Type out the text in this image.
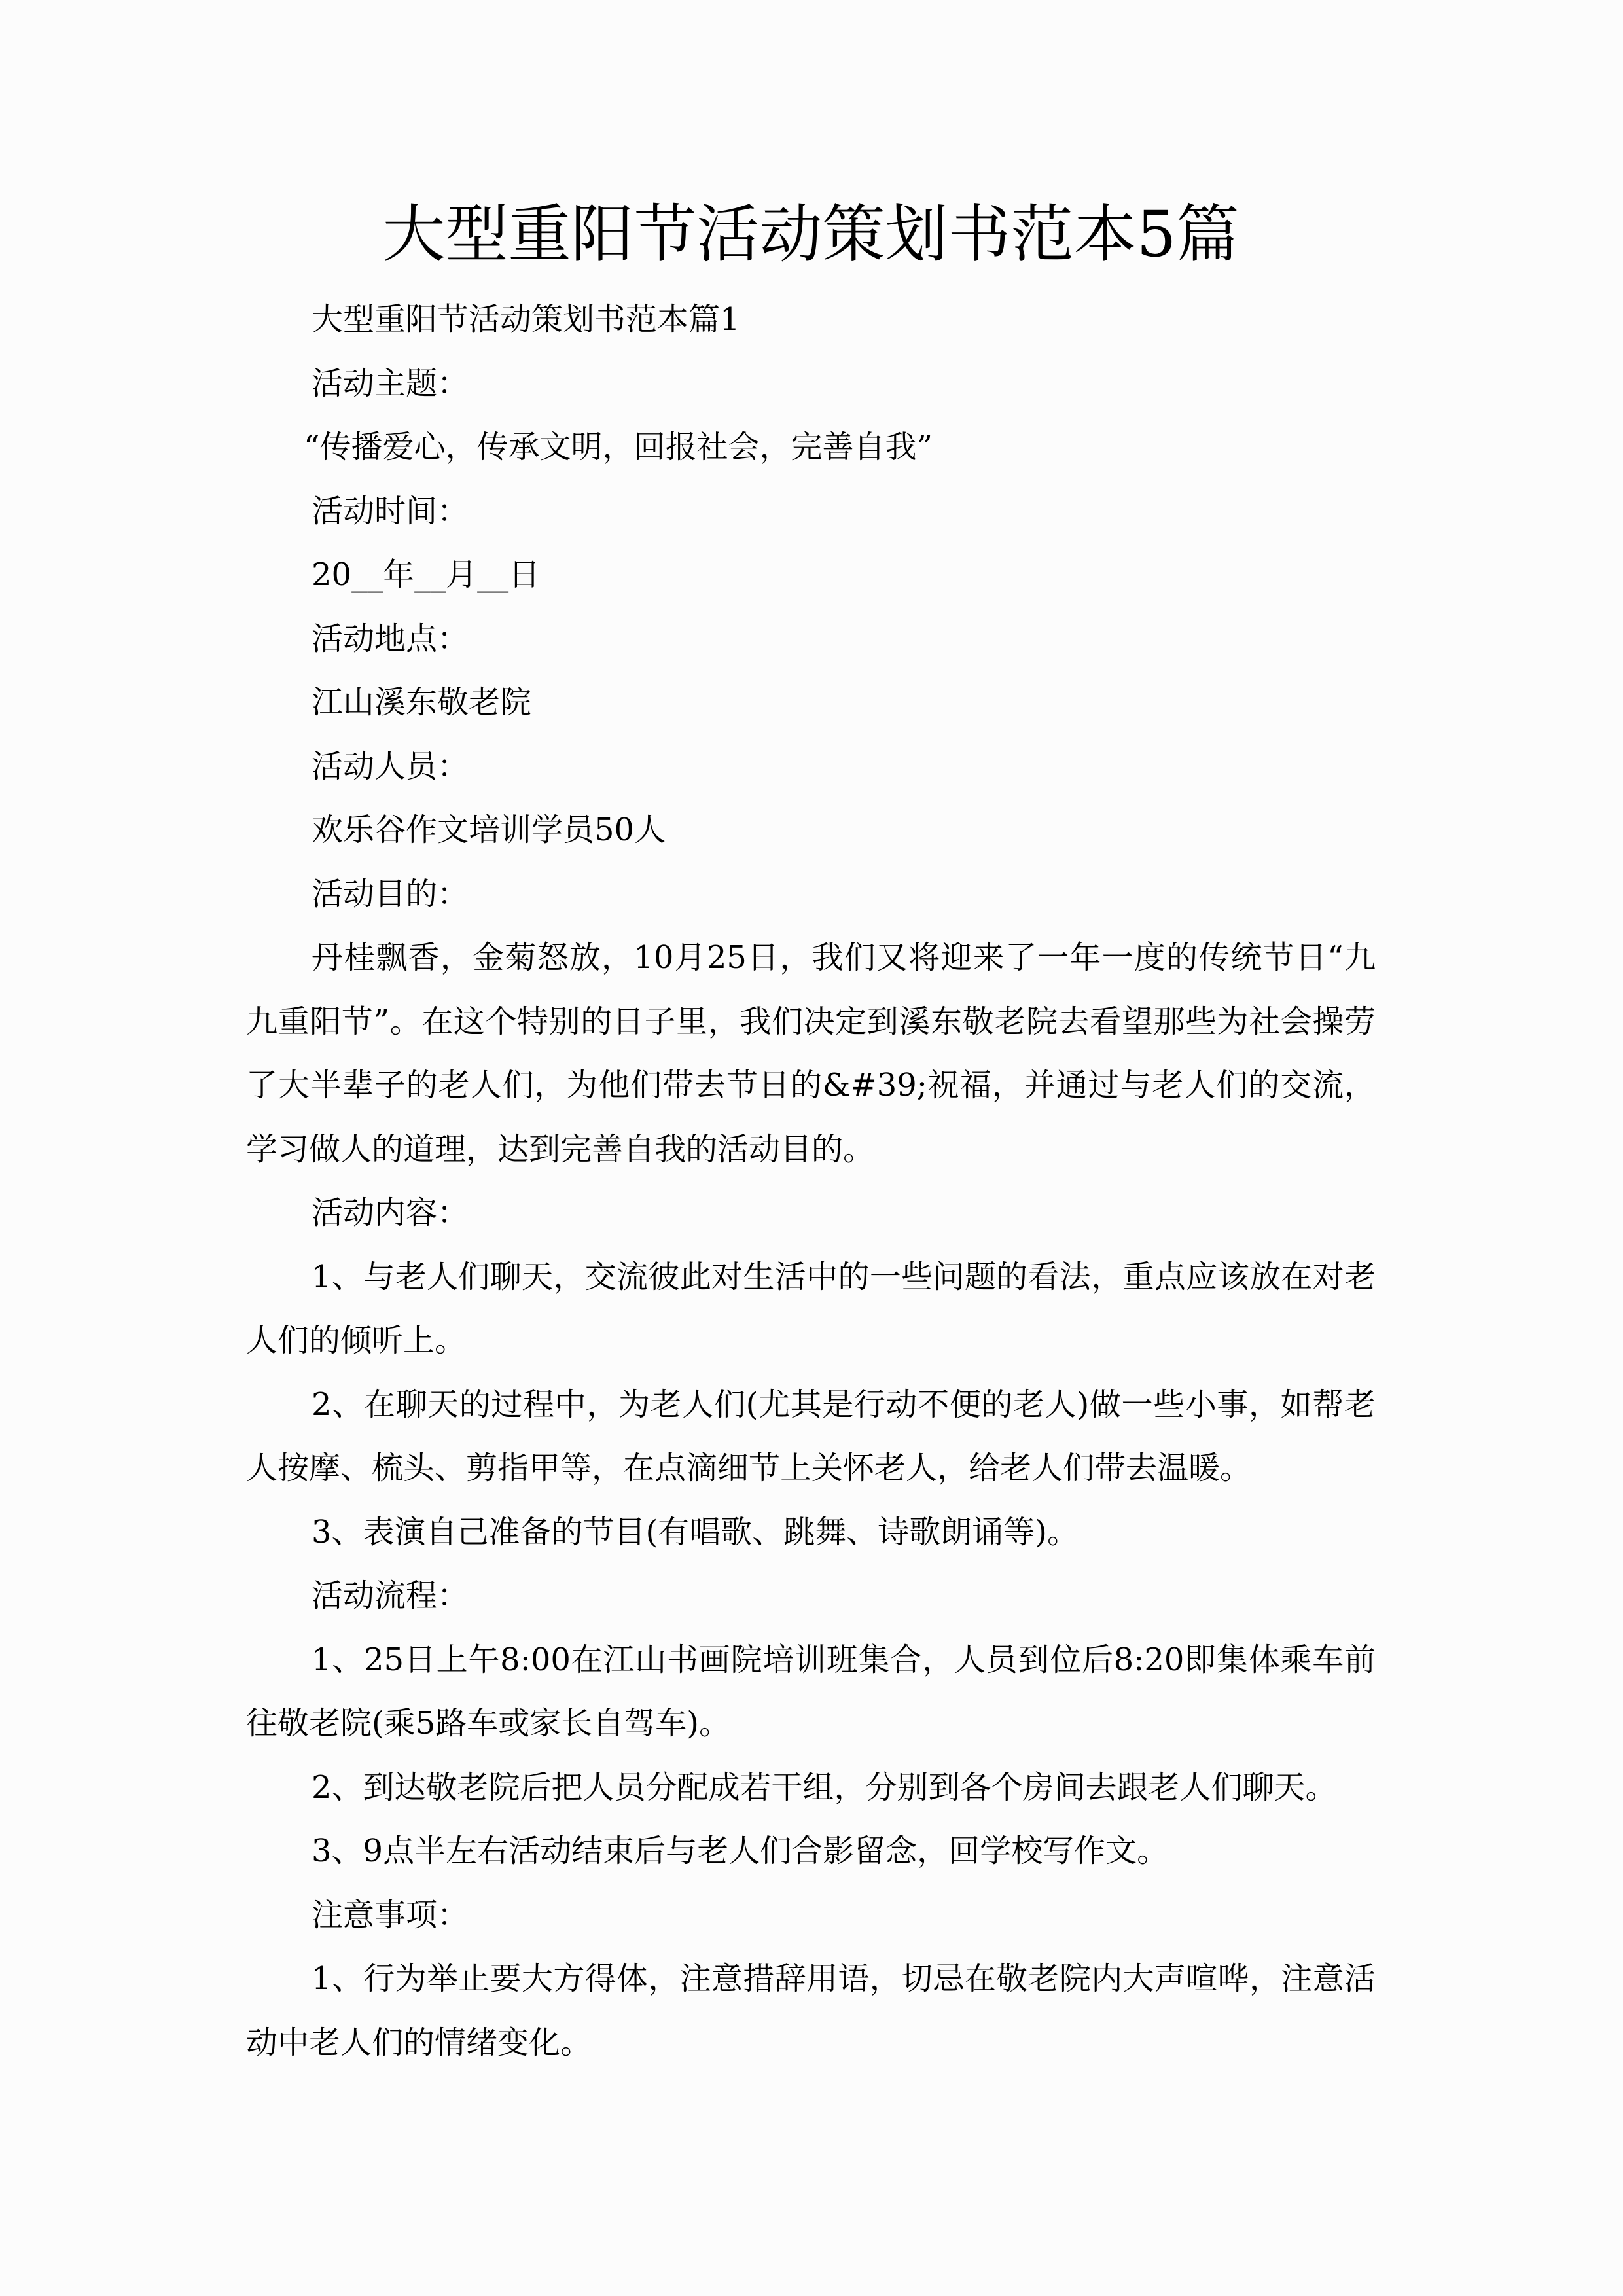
大型重阳节活动策划书范本5篇

大型重阳节活动策划书范本篇1

活动主题：

“传播爱心，传承文明，回报社会，完善自我”

活动时间：

20__年__月__日

活动地点：

江山溪东敬老院

活动人员：

欢乐谷作文培训学员50人

活动目的：

丹桂飘香，金菊怒放，10月25日，我们又将迎来了一年一度的传统节日“九九重阳节”。在这个特别的日子里，我们决定到溪东敬老院去看望那些为社会操劳了大半辈子的老人们，为他们带去节日的&#39;祝福，并通过与老人们的交流，学习做人的道理，达到完善自我的活动目的。

活动内容：

1、与老人们聊天，交流彼此对生活中的一些问题的看法，重点应该放在对老人们的倾听上。

2、在聊天的过程中，为老人们(尤其是行动不便的老人)做一些小事，如帮老人按摩、梳头、剪指甲等，在点滴细节上关怀老人，给老人们带去温暖。

3、表演自己准备的节目(有唱歌、跳舞、诗歌朗诵等)。

活动流程：

1、25日上午8:00在江山书画院培训班集合，人员到位后8:20即集体乘车前往敬老院(乘5路车或家长自驾车)。

2、到达敬老院后把人员分配成若干组，分别到各个房间去跟老人们聊天。

3、9点半左右活动结束后与老人们合影留念，回学校写作文。

注意事项：

1、行为举止要大方得体，注意措辞用语，切忌在敬老院内大声喧哗，注意活动中老人们的情绪变化。
